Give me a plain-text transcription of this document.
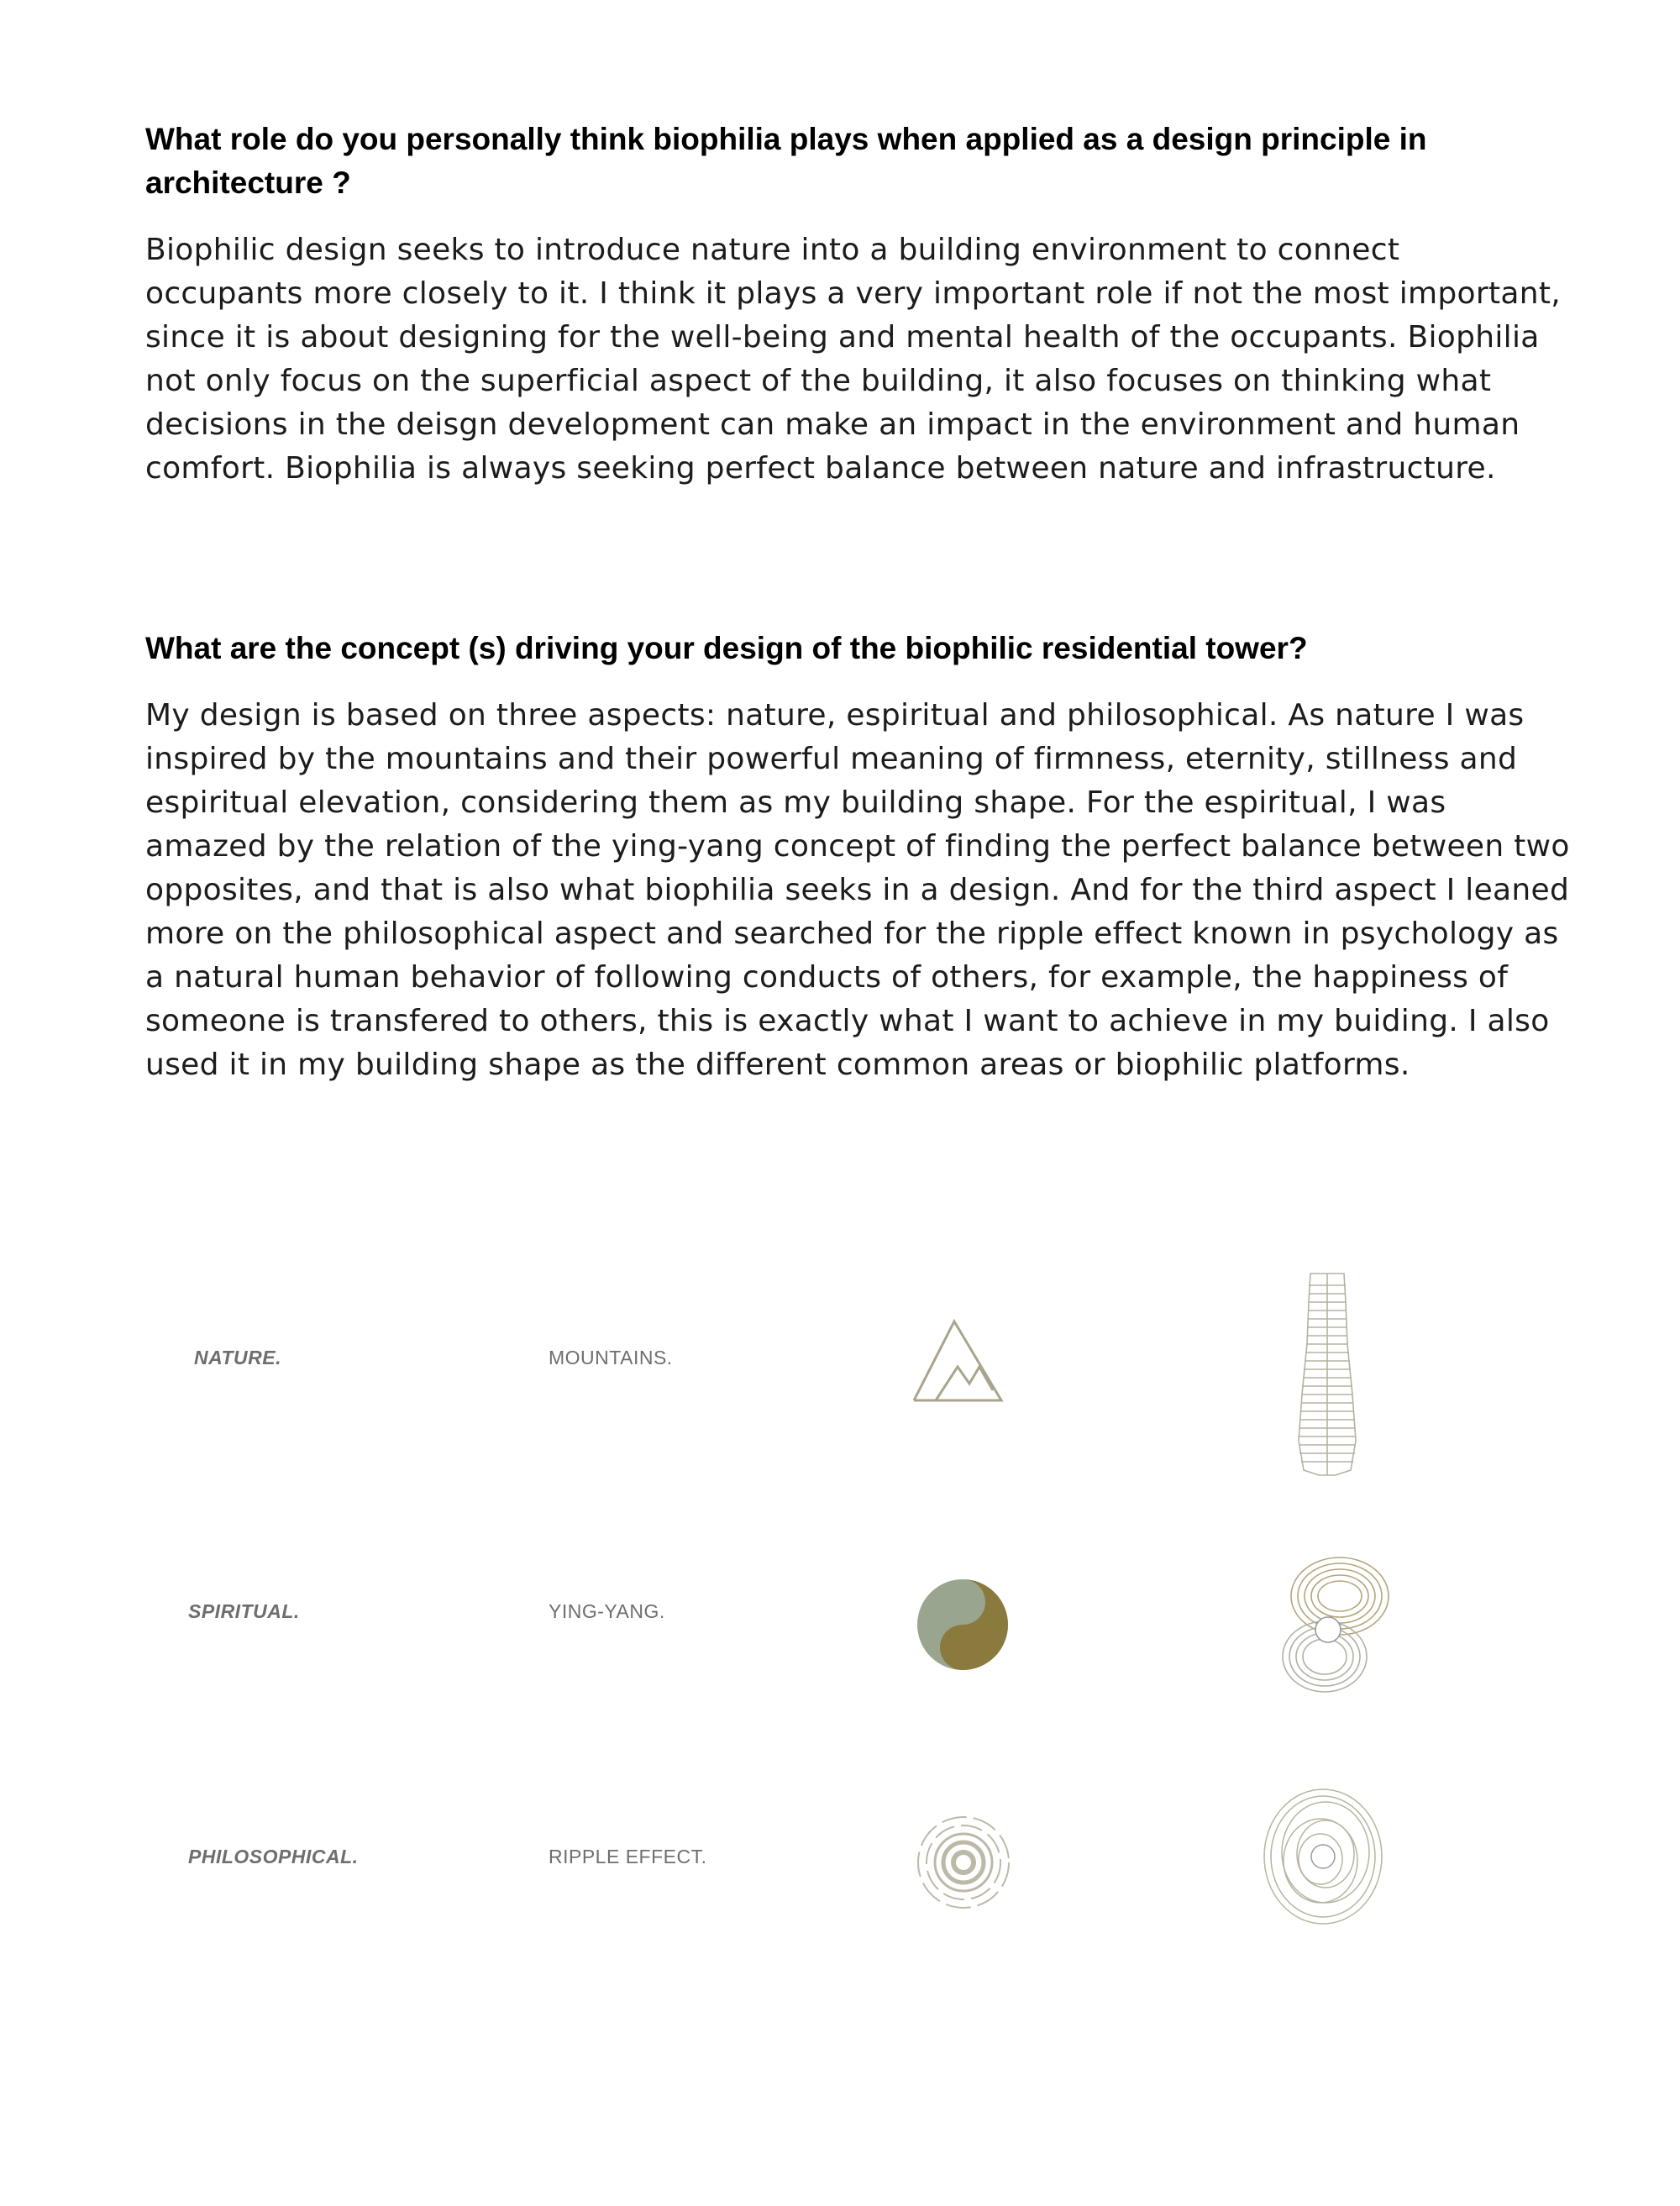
What role do you personally think biophilia plays when applied as a design principle in architecture ?

Biophilic design seeks to introduce nature into a building environment to connect occupants more closely to it. I think it plays a very important role if not the most important, since it is about designing for the well-being and mental health of the occupants. Biophilia not only focus on the superficial aspect of the building, it also focuses on thinking what decisions in the deisgn development can make an impact in the environment and human comfort. Biophilia is always seeking perfect balance between nature and infrastructure.

What are the concept (s) driving your design of the biophilic residential tower?

My design is based on three aspects: nature, espiritual and philosophical. As nature I was inspired by the mountains and their powerful meaning of firmness, eternity, stillness and espiritual elevation, considering them as my building shape. For the espiritual, I was amazed by the relation of the ying-yang concept of finding the perfect balance between two opposites, and that is also what biophilia seeks in a design. And for the third aspect I leaned more on the philosophical aspect and searched for the ripple effect known in psychology as a natural human behavior of following conducts of others, for example, the happiness of someone is transfered to others, this is exactly what I want to achieve in my buiding. I also used it in my building shape as the different common areas or biophilic platforms.

NATURE.	MOUNTAINS.
SPIRITUAL.	YING-YANG.
PHILOSOPHICAL.	RIPPLE EFFECT.
